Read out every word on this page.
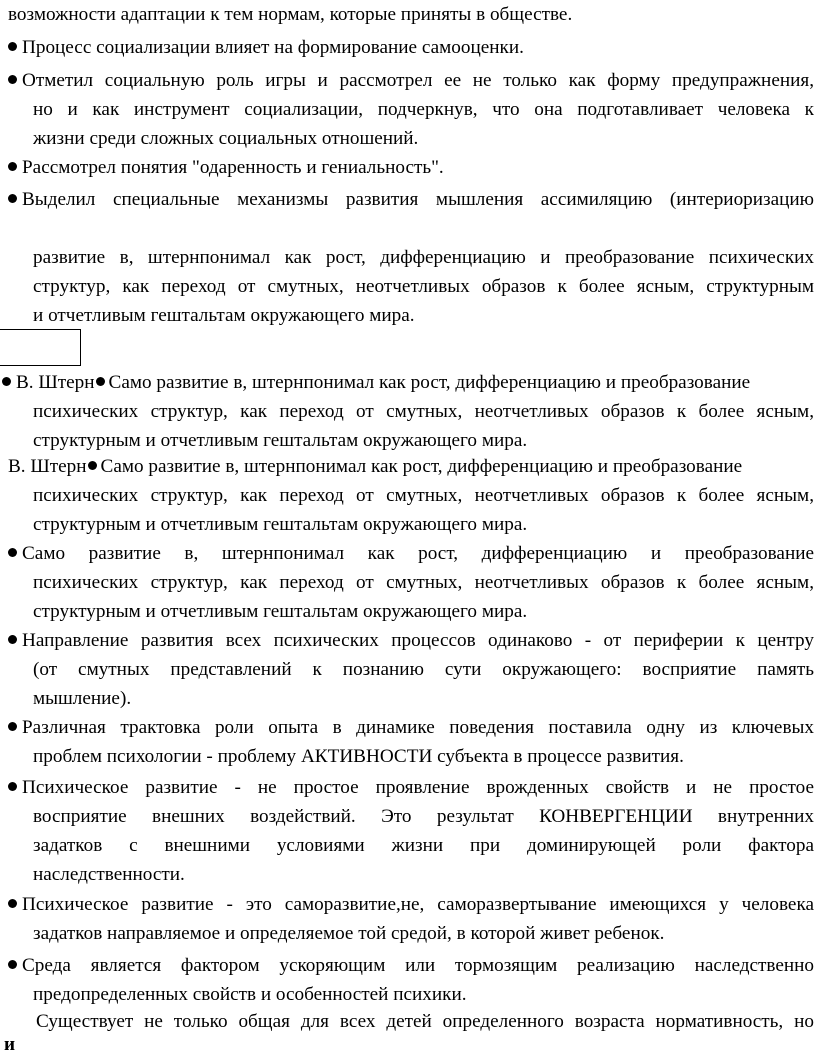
возможности адаптации к тем нормам, которые приняты в обществе.
Процесс социализации влияет на формирование самооценки.
Отметил социальную роль игры и рассмотрел ее не только как форму предупражнения,
но и как инструмент социализации, подчеркнув, что она подготавливает человека к
жизни среди сложных социальных отношений.
Рассмотрел понятия "одаренность и гениальность".
Выделил специальные механизмы развития мышления ассимиляцию (интериоризацию
развитие в, штернпонимал как рост, дифференциацию и преобразование психических
структур, как переход от смутных, неотчетливых образов к более ясным, структурным
и отчетливым гештальтам окружающего мира.
В. Штерн Само развитие в, штернпонимал как рост, дифференциацию и преобразование
психических структур, как переход от смутных, неотчетливых образов к более ясным,
структурным и отчетливым гештальтам окружающего мира.
В. Штерн Само развитие в, штернпонимал как рост, дифференциацию и преобразование
психических структур, как переход от смутных, неотчетливых образов к более ясным,
структурным и отчетливым гештальтам окружающего мира.
Само развитие в, штернпонимал как рост, дифференциацию и преобразование
психических структур, как переход от смутных, неотчетливых образов к более ясным,
структурным и отчетливым гештальтам окружающего мира.
Направление развития всех психических процессов одинаково - от периферии к центру
(от смутных представлений к познанию сути окружающего: восприятие память
мышление).
Различная трактовка роли опыта в динамике поведения поставила одну из ключевых
проблем психологии - проблему АКТИВНОСТИ субъекта в процессе развития.
Психическое развитие - не простое проявление врожденных свойств и не простое
восприятие внешних воздействий. Это результат КОНВЕРГЕНЦИИ внутренних
задатков с внешними условиями жизни при доминирующей роли фактора
наследственности.
Психическое развитие - это саморазвитие,не, саморазвертывание имеющихся у человека
задатков направляемое и определяемое той средой, в которой живет ребенок.
Среда является фактором ускоряющим или тормозящим реализацию наследственно
предопределенных свойств и особенностей психики.
Существует не только общая для всех детей определенного возраста нормативность, но
и
